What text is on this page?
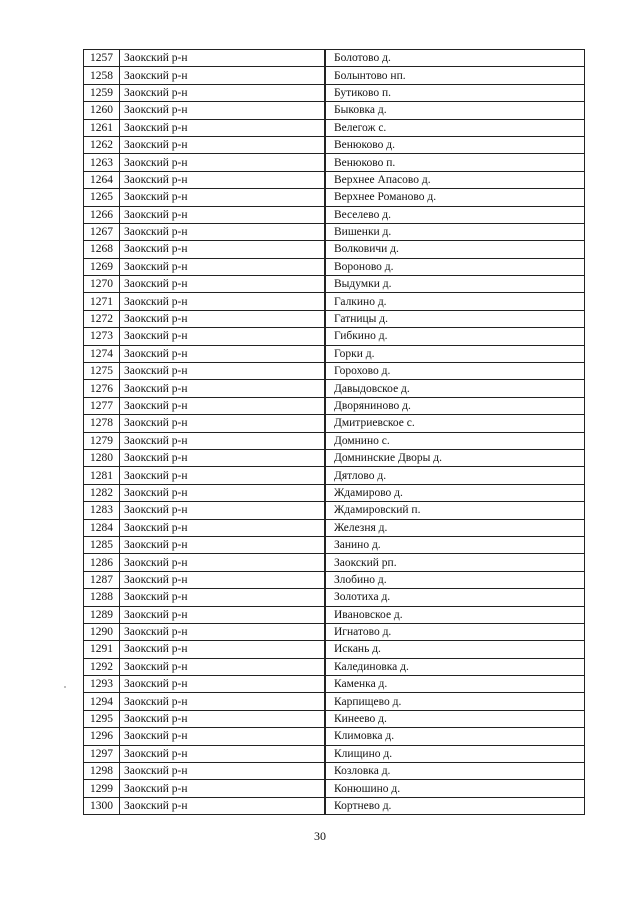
1257	Заокский р-н	Болотово д.
1258	Заокский р-н	Болынтово нп.
1259	Заокский р-н	Бутиково п.
1260	Заокский р-н	Быковка д.
1261	Заокский р-н	Велегож с.
1262	Заокский р-н	Венюково д.
1263	Заокский р-н	Венюково п.
1264	Заокский р-н	Верхнее Апасово д.
1265	Заокский р-н	Верхнее Романово д.
1266	Заокский р-н	Веселево д.
1267	Заокский р-н	Вишенки д.
1268	Заокский р-н	Волковичи д.
1269	Заокский р-н	Вороново д.
1270	Заокский р-н	Выдумки д.
1271	Заокский р-н	Галкино д.
1272	Заокский р-н	Гатницы д.
1273	Заокский р-н	Гибкино д.
1274	Заокский р-н	Горки д.
1275	Заокский р-н	Горохово д.
1276	Заокский р-н	Давыдовское д.
1277	Заокский р-н	Дворяниново д.
1278	Заокский р-н	Дмитриевское с.
1279	Заокский р-н	Домнино с.
1280	Заокский р-н	Домнинские Дворы д.
1281	Заокский р-н	Дятлово д.
1282	Заокский р-н	Ждамирово д.
1283	Заокский р-н	Ждамировский п.
1284	Заокский р-н	Железня д.
1285	Заокский р-н	Занино д.
1286	Заокский р-н	Заокский рп.
1287	Заокский р-н	Злобино д.
1288	Заокский р-н	Золотиха д.
1289	Заокский р-н	Ивановское д.
1290	Заокский р-н	Игнатово д.
1291	Заокский р-н	Искань д.
1292	Заокский р-н	Калединовка д.
1293	Заокский р-н	Каменка д.
1294	Заокский р-н	Карпищево д.
1295	Заокский р-н	Кинеево д.
1296	Заокский р-н	Климовка д.
1297	Заокский р-н	Клищино д.
1298	Заокский р-н	Козловка д.
1299	Заокский р-н	Конюшино д.
1300	Заокский р-н	Кортнево д.
30
